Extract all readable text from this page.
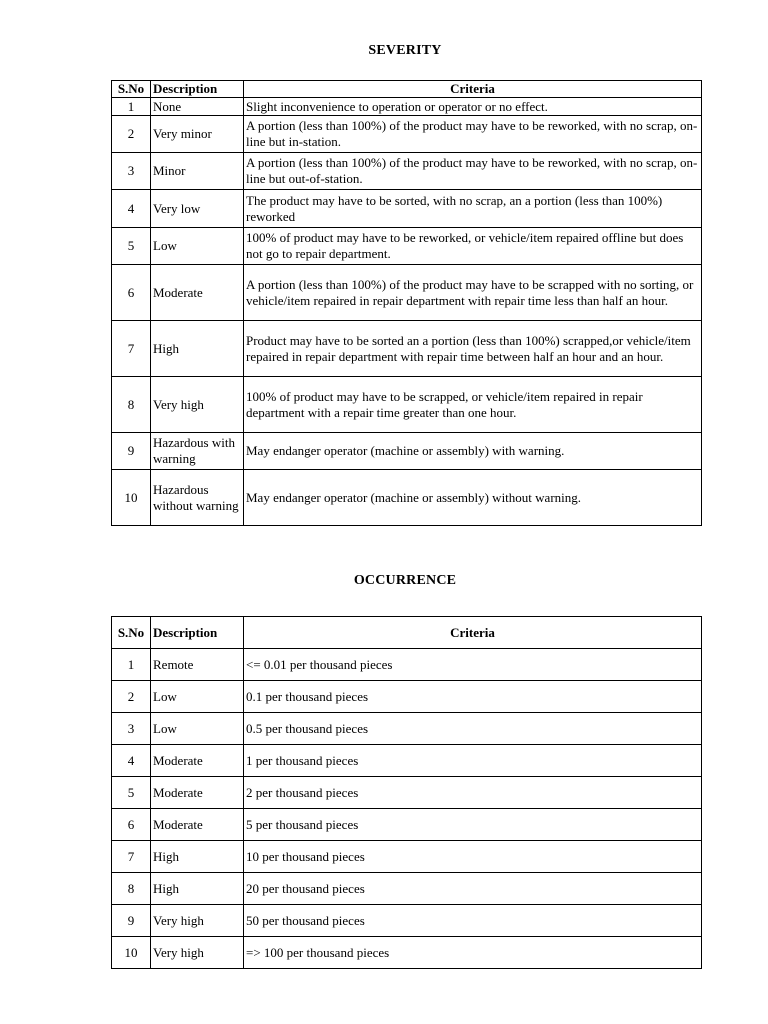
SEVERITY
S.No	Description	Criteria
1	None	Slight inconvenience to operation or operator or no effect.
2	Very minor	A portion (less than 100%) of the product may have to be reworked, with no scrap, on-line but in-station.
3	Minor	A portion (less than 100%) of the product may have to be reworked, with no scrap, on-line but out-of-station.
4	Very low	The product may have to be sorted, with no scrap, an a portion (less than 100%) reworked
5	Low	100% of product may have to be reworked, or vehicle/item repaired offline but does not go to repair department.
6	Moderate	A portion (less than 100%) of the product may have to be scrapped with no sorting, or vehicle/item repaired in repair department with repair time less than half an hour.
7	High	Product may have to be sorted an a portion (less than 100%) scrapped,or vehicle/item repaired in repair department with repair time between half an hour and an hour.
8	Very high	100% of product may have to be scrapped, or vehicle/item repaired in repair department with a repair time greater than one hour.
9	Hazardous with warning	May endanger operator (machine or assembly) with warning.
10	Hazardous without warning	May endanger operator (machine or assembly) without warning.
OCCURRENCE
S.No	Description	Criteria
1	Remote	<= 0.01 per thousand pieces
2	Low	0.1 per thousand pieces
3	Low	0.5 per thousand pieces
4	Moderate	1 per thousand pieces
5	Moderate	2 per thousand pieces
6	Moderate	5 per thousand pieces
7	High	10 per thousand pieces
8	High	20 per thousand pieces
9	Very high	50 per thousand pieces
10	Very high	=> 100 per thousand pieces
